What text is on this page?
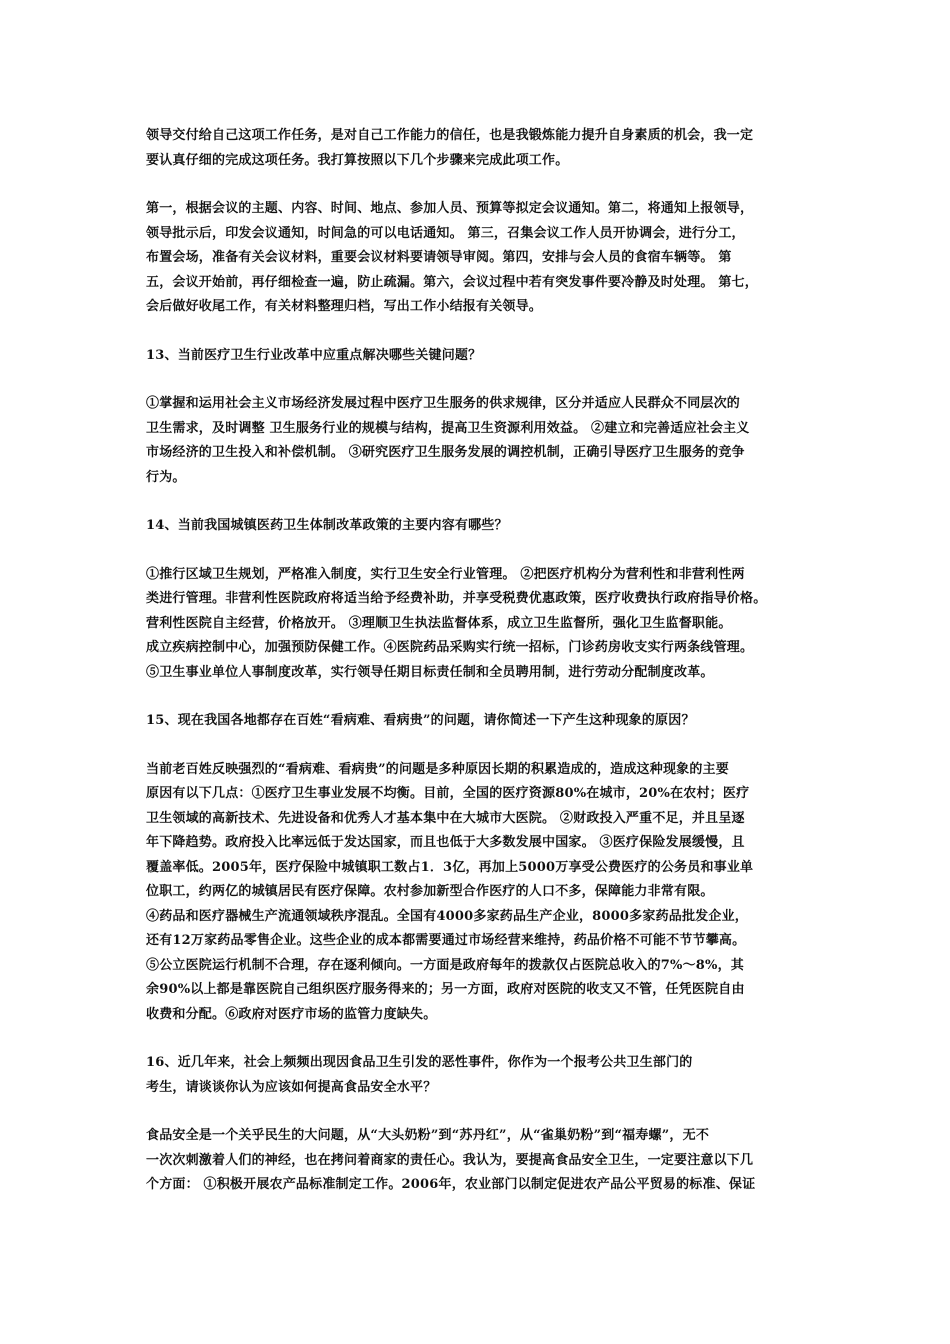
领导交付给自己这项工作任务，是对自己工作能力的信任，也是我锻炼能力提升自身素质的机会，我一定
要认真仔细的完成这项任务。我打算按照以下几个步骤来完成此项工作。
第一，根据会议的主题、内容、时间、地点、参加人员、预算等拟定会议通知。第二，将通知上报领导，
领导批示后，印发会议通知，时间急的可以电话通知。 第三，召集会议工作人员开协调会，进行分工，
布置会场，准备有关会议材料，重要会议材料要请领导审阅。第四，安排与会人员的食宿车辆等。 第
五，会议开始前，再仔细检查一遍，防止疏漏。第六，会议过程中若有突发事件要冷静及时处理。 第七，
会后做好收尾工作，有关材料整理归档，写出工作小结报有关领导。
13、当前医疗卫生行业改革中应重点解决哪些关键问题？
①掌握和运用社会主义市场经济发展过程中医疗卫生服务的供求规律，区分并适应人民群众不同层次的
卫生需求，及时调整 卫生服务行业的规模与结构，提高卫生资源利用效益。 ②建立和完善适应社会主义
市场经济的卫生投入和补偿机制。 ③研究医疗卫生服务发展的调控机制，正确引导医疗卫生服务的竞争
行为。
14、当前我国城镇医药卫生体制改革政策的主要内容有哪些？
①推行区域卫生规划，严格准入制度，实行卫生安全行业管理。 ②把医疗机构分为营利性和非营利性两
类进行管理。非营利性医院政府将适当给予经费补助，并享受税费优惠政策，医疗收费执行政府指导价格。
营利性医院自主经营，价格放开。 ③理顺卫生执法监督体系，成立卫生监督所，强化卫生监督职能。
成立疾病控制中心，加强预防保健工作。④医院药品采购实行统一招标，门诊药房收支实行两条线管理。
⑤卫生事业单位人事制度改革，实行领导任期目标责任制和全员聘用制，进行劳动分配制度改革。
15、现在我国各地都存在百姓“看病难、看病贵”的问题，请你简述一下产生这种现象的原因？
当前老百姓反映强烈的“看病难、看病贵”的问题是多种原因长期的积累造成的，造成这种现象的主要
原因有以下几点：①医疗卫生事业发展不均衡。目前，全国的医疗资源80%在城市，20%在农村；医疗
卫生领域的高新技术、先进设备和优秀人才基本集中在大城市大医院。 ②财政投入严重不足，并且呈逐
年下降趋势。政府投入比率远低于发达国家，而且也低于大多数发展中国家。 ③医疗保险发展缓慢，且
覆盖率低。2005年，医疗保险中城镇职工数占1．3亿，再加上5000万享受公费医疗的公务员和事业单
位职工，约两亿的城镇居民有医疗保障。农村参加新型合作医疗的人口不多，保障能力非常有限。
④药品和医疗器械生产流通领域秩序混乱。全国有4000多家药品生产企业，8000多家药品批发企业，
还有12万家药品零售企业。这些企业的成本都需要通过市场经营来维持，药品价格不可能不节节攀高。
⑤公立医院运行机制不合理，存在逐利倾向。一方面是政府每年的拨款仅占医院总收入的7%～8%，其
余90%以上都是靠医院自己组织医疗服务得来的；另一方面，政府对医院的收支又不管，任凭医院自由
收费和分配。⑥政府对医疗市场的监管力度缺失。
16、近几年来，社会上频频出现因食品卫生引发的恶性事件，你作为一个报考公共卫生部门的
考生，请谈谈你认为应该如何提高食品安全水平？
食品安全是一个关乎民生的大问题，从“大头奶粉”到“苏丹红”，从“雀巢奶粉”到“福寿螺”，无不
一次次刺激着人们的神经，也在拷问着商家的责任心。我认为，要提高食品安全卫生，一定要注意以下几
个方面： ①积极开展农产品标准制定工作。2006年，农业部门以制定促进农产品公平贸易的标准、保证
